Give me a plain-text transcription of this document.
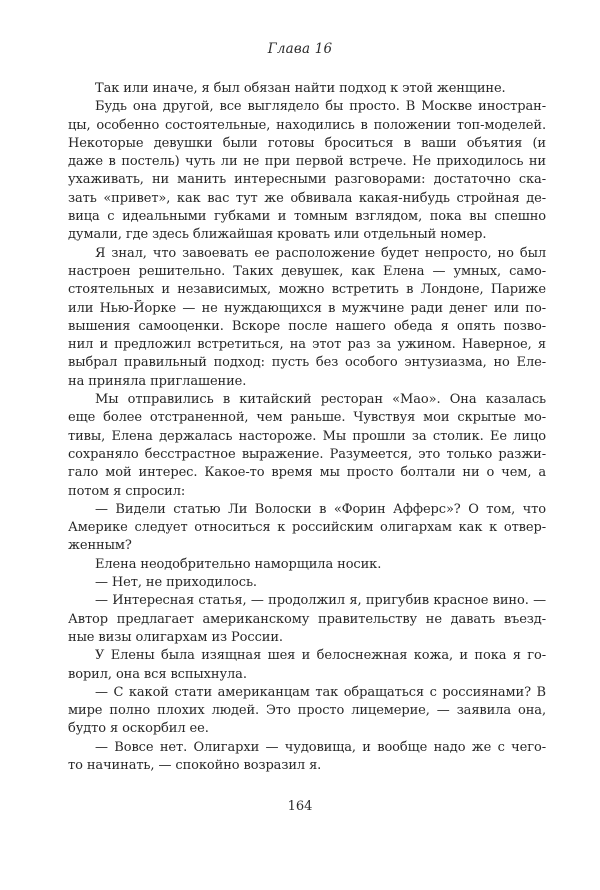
Глава 16
Так или иначе, я был обязан найти подход к этой женщине.
Будь она другой, все выглядело бы просто. В Москве иностран-
цы, особенно состоятельные, находились в положении топ-моделей.
Некоторые девушки были готовы броситься в ваши объятия (и
даже в постель) чуть ли не при первой встрече. Не приходилось ни
ухаживать, ни манить интересными разговорами: достаточно ска-
зать «привет», как вас тут же обвивала какая-нибудь стройная де-
вица с идеальными губками и томным взглядом, пока вы спешно
думали, где здесь ближайшая кровать или отдельный номер.
Я знал, что завоевать ее расположение будет непросто, но был
настроен решительно. Таких девушек, как Елена — умных, само-
стоятельных и независимых, можно встретить в Лондоне, Париже
или Нью-Йорке — не нуждающихся в мужчине ради денег или по-
вышения самооценки. Вскоре после нашего обеда я опять позво-
нил и предложил встретиться, на этот раз за ужином. Наверное, я
выбрал правильный подход: пусть без особого энтузиазма, но Еле-
на приняла приглашение.
Мы отправились в китайский ресторан «Мао». Она казалась
еще более отстраненной, чем раньше. Чувствуя мои скрытые мо-
тивы, Елена держалась настороже. Мы прошли за столик. Ее лицо
сохраняло бесстрастное выражение. Разумеется, это только разжи-
гало мой интерес. Какое-то время мы просто болтали ни о чем, а
потом я спросил:
— Видели статью Ли Волоски в «Форин Афферс»? О том, что
Америке следует относиться к российским олигархам как к отвер-
женным?
Елена неодобрительно наморщила носик.
— Нет, не приходилось.
— Интересная статья, — продолжил я, пригубив красное вино. —
Автор предлагает американскому правительству не давать въезд-
ные визы олигархам из России.
У Елены была изящная шея и белоснежная кожа, и пока я го-
ворил, она вся вспыхнула.
— С какой стати американцам так обращаться с россиянами? В
мире полно плохих людей. Это просто лицемерие, — заявила она,
будто я оскорбил ее.
— Вовсе нет. Олигархи — чудовища, и вообще надо же с чего-
то начинать, — спокойно возразил я.
164
